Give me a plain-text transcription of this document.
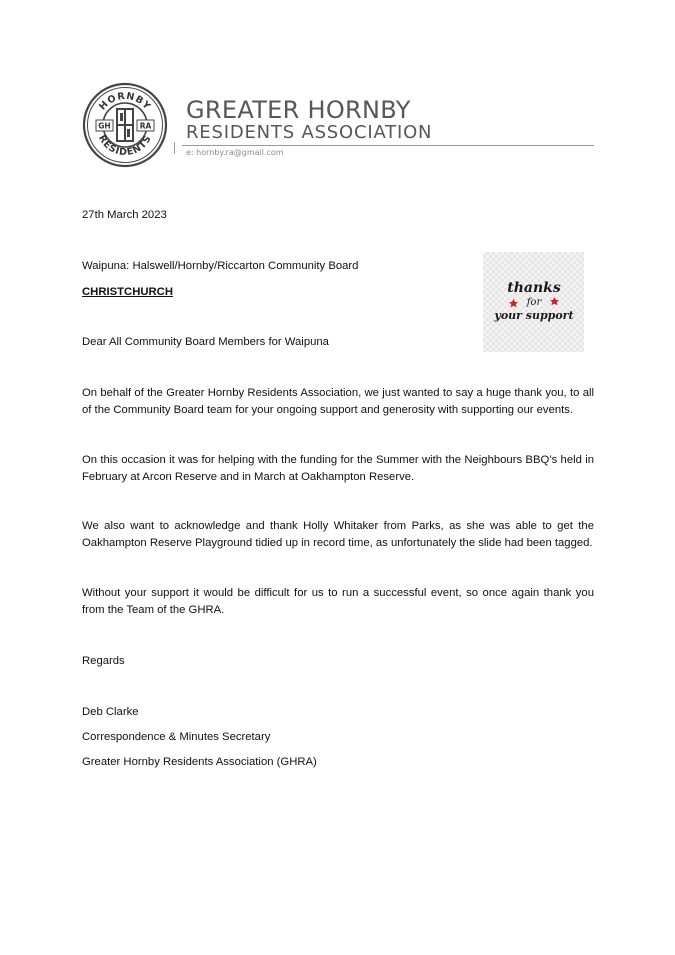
HORNBY
RESIDENTS
GH	RA
GREATER HORNBY
RESIDENTS ASSOCIATION
e: hornby.ra@gmail.com
27th March 2023
Waipuna: Halswell/Hornby/Riccarton Community Board
CHRISTCHURCH
Dear All Community Board Members for Waipuna
On behalf of the Greater Hornby Residents Association, we just wanted to say a huge thank you, to all of the Community Board team for your ongoing support and generosity with supporting our events.
On this occasion it was for helping with the funding for the Summer with the Neighbours BBQ’s held in February at Arcon Reserve and in March at Oakhampton Reserve.
We also want to acknowledge and thank Holly Whitaker from Parks, as she was able to get the Oakhampton Reserve Playground tidied up in record time, as unfortunately the slide had been tagged.
Without your support it would be difficult for us to run a successful event, so once again thank you from the Team of the GHRA.
Regards
Deb Clarke
Correspondence & Minutes Secretary
Greater Hornby Residents Association (GHRA)
thanks
for
your support
